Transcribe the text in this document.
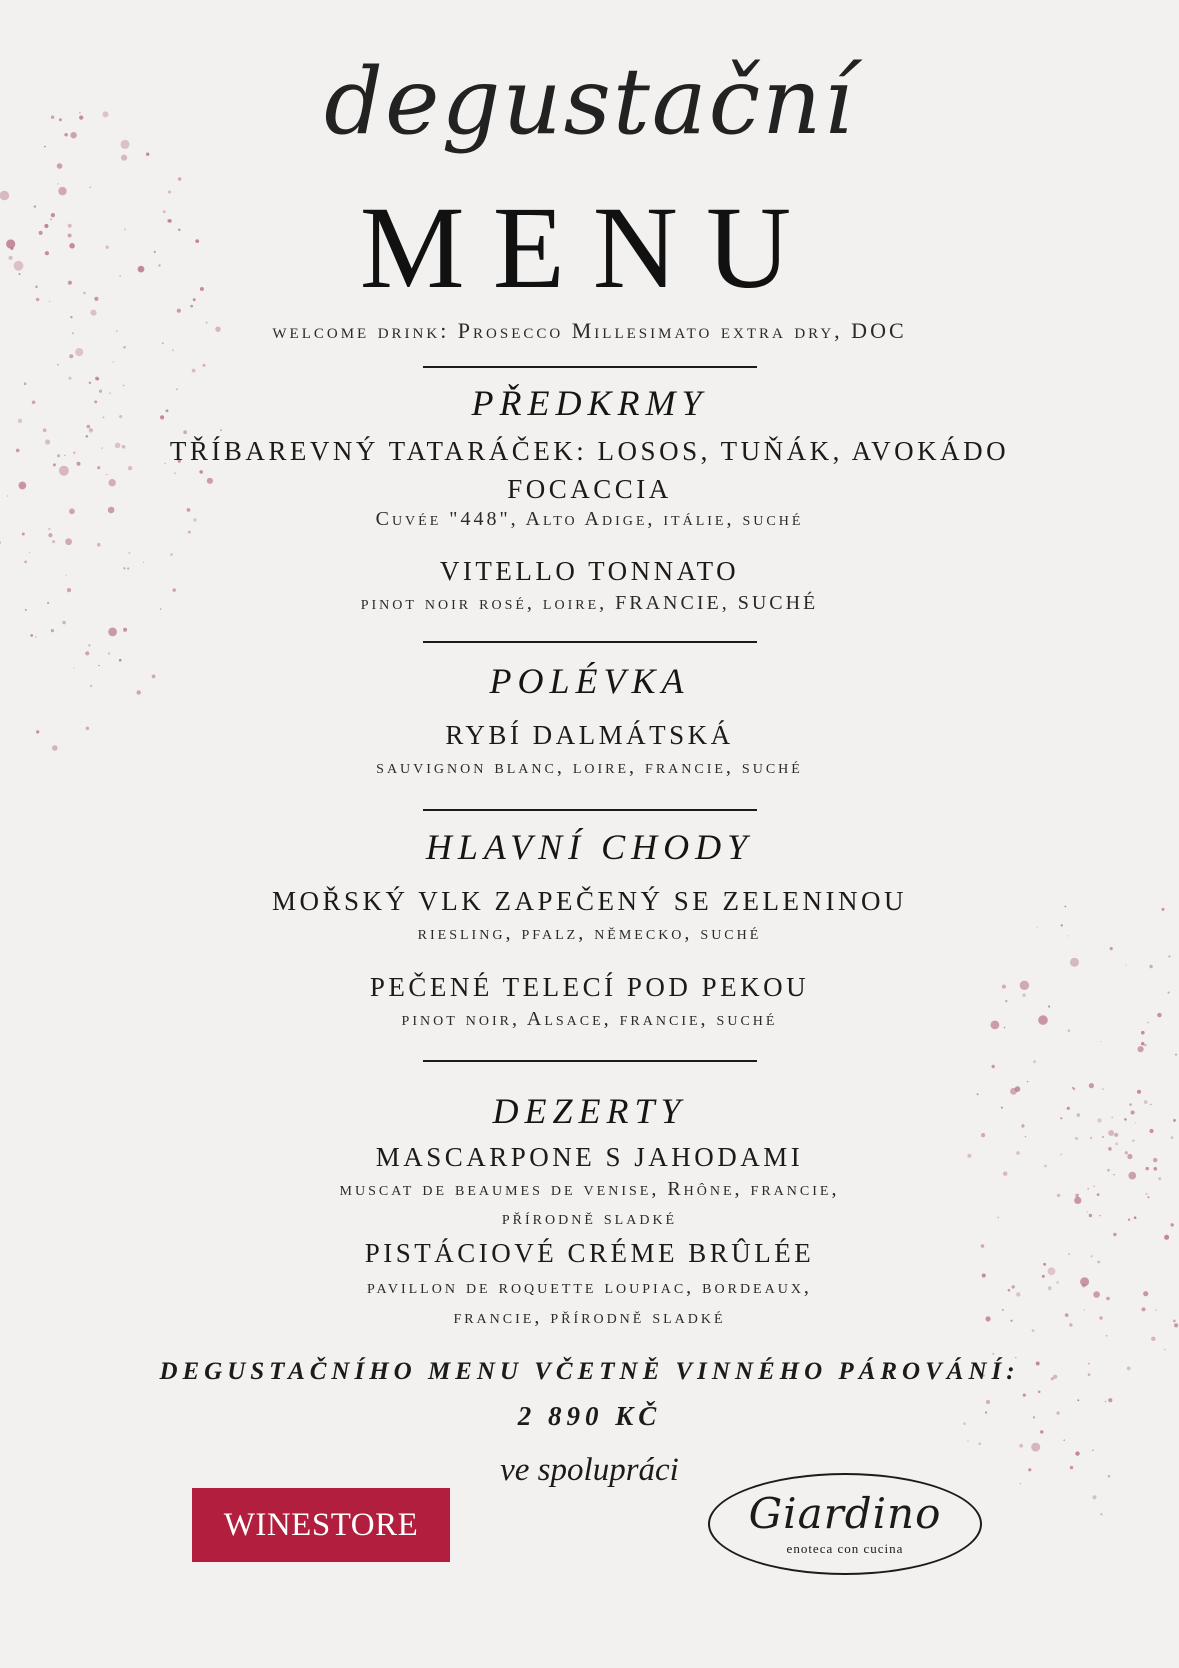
degustační
MENU
welcome drink: Prosecco Millesimato extra dry, DOC
PŘEDKRMY
TŘÍBAREVNÝ TATARÁČEK: LOSOS, TUŇÁK, AVOKÁDO
FOCACCIA
Cuvée "448", Alto Adige, itálie, suché
VITELLO TONNATO
pinot noir rosé, loire, FRANCIE, SUCHÉ
POLÉVKA
RYBÍ DALMÁTSKÁ
sauvignon blanc, loire, francie, suché
HLAVNÍ CHODY
MOŘSKÝ VLK ZAPEČENÝ SE ZELENINOU
riesling, pfalz, německo, suché
PEČENÉ TELECÍ POD PEKOU
pinot noir, Alsace, francie, suché
DEZERTY
MASCARPONE S JAHODAMI
muscat de beaumes de venise, Rhône, francie,
přírodně sladké
PISTÁCIOVÉ CRÉME BRÛLÉE
pavillon de roquette loupiac, bordeaux,
francie, přírodně sladké
DEGUSTAČNÍHO MENU VČETNĚ VINNÉHO PÁROVÁNÍ:
2 890 KČ
ve spolupráci
WINESTORE	Giardino
enoteca con cucina
